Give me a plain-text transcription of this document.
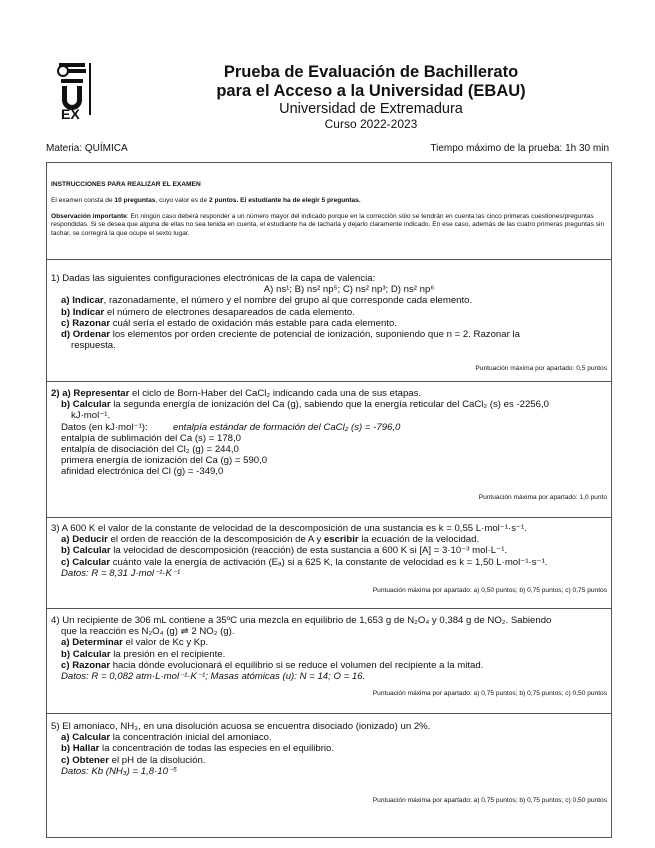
EX
Prueba de Evaluación de Bachillerato
para el Acceso a la Universidad (EBAU)
Universidad de Extremadura
Curso 2022-2023
Materia: QUÍMICA	Tiempo máximo de la prueba: 1h 30 min

INSTRUCCIONES PARA REALIZAR EL EXAMEN

El examen consta de 10 preguntas, cuyo valor es de 2 puntos. El estudiante ha de elegir 5 preguntas.

Observación importante: En ningún caso deberá responder a un número mayor del indicado porque en la corrección sólo se tendrán en cuenta las cinco primeras cuestiones/preguntas respondidas. Si se desea que alguna de ellas no sea tenida en cuenta, el estudiante ha de tacharla y dejarlo claramente indicado. En ese caso, además de las cuatro primeras preguntas sin tachar, se corregirá la que ocupe el sexto lugar.

1) Dadas las siguientes configuraciones electrónicas de la capa de valencia:
A) ns¹; B) ns² np⁵; C) ns² np³; D) ns² np⁶
a) Indicar, razonadamente, el número y el nombre del grupo al que corresponde cada elemento.
b) Indicar el número de electrones desapareados de cada elemento.
c) Razonar cuál sería el estado de oxidación más estable para cada elemento.
d) Ordenar los elementos por orden creciente de potencial de ionización, suponiendo que n = 2. Razonar la
respuesta.
Puntuación máxima por apartado: 0,5 puntos
2) a) Representar el ciclo de Born-Haber del CaCl₂ indicando cada una de sus etapas.
b) Calcular la segunda energía de ionización del Ca (g), sabiendo que la energía reticular del CaCl₂ (s) es -2256,0
kJ·mol⁻¹.
Datos (en kJ·mol⁻¹):	entalpía estándar de formación del CaCl₂ (s) = -796,0
entalpía de sublimación del Ca (s) = 178,0
entalpía de disociación del Cl₂ (g) = 244,0
primera energía de ionización del Ca (g) = 590,0
afinidad electrónica del Cl (g) = -349,0
Puntuación máxima por apartado: 1,0 punto
3) A 600 K el valor de la constante de velocidad de la descomposición de una sustancia es k = 0,55 L·mol⁻¹·s⁻¹.
a) Deducir el orden de reacción de la descomposición de A y escribir la ecuación de la velocidad.
b) Calcular la velocidad de descomposición (reacción) de esta sustancia a 600 K si [A] = 3·10⁻³ mol·L⁻¹.
c) Calcular cuánto vale la energía de activación (Eₐ) si a 625 K, la constante de velocidad es k = 1,50 L·mol⁻¹·s⁻¹.
Datos: R = 8,31 J·mol⁻¹·K⁻¹
Puntuación máxima por apartado: a) 0,50 puntos; b) 0,75 puntos; c) 0,75 puntos
4) Un recipiente de 306 mL contiene a 35ºC una mezcla en equilibrio de 1,653 g de N₂O₄ y 0,384 g de NO₂. Sabiendo
que la reacción es N₂O₄ (g) ⇌ 2 NO₂ (g).
a) Determinar el valor de Kc y Kp.
b) Calcular la presión en el recipiente.
c) Razonar hacia dónde evolucionará el equilibrio si se reduce el volumen del recipiente a la mitad.
Datos: R = 0,082 atm·L·mol⁻¹·K⁻¹; Masas atómicas (u): N = 14; O = 16.
Puntuación máxima por apartado: a) 0,75 puntos; b) 0,75 puntos; c) 0,50 puntos
5) El amoniaco, NH₃, en una disolución acuosa se encuentra disociado (ionizado) un 2%.
a) Calcular la concentración inicial del amoniaco.
b) Hallar la concentración de todas las especies en el equilibrio.
c) Obtener el pH de la disolución.
Datos: Kb (NH₃) = 1,8·10⁻⁵
Puntuación máxima por apartado: a) 0,75 puntos; b) 0,75 puntos; c) 0,50 puntos
